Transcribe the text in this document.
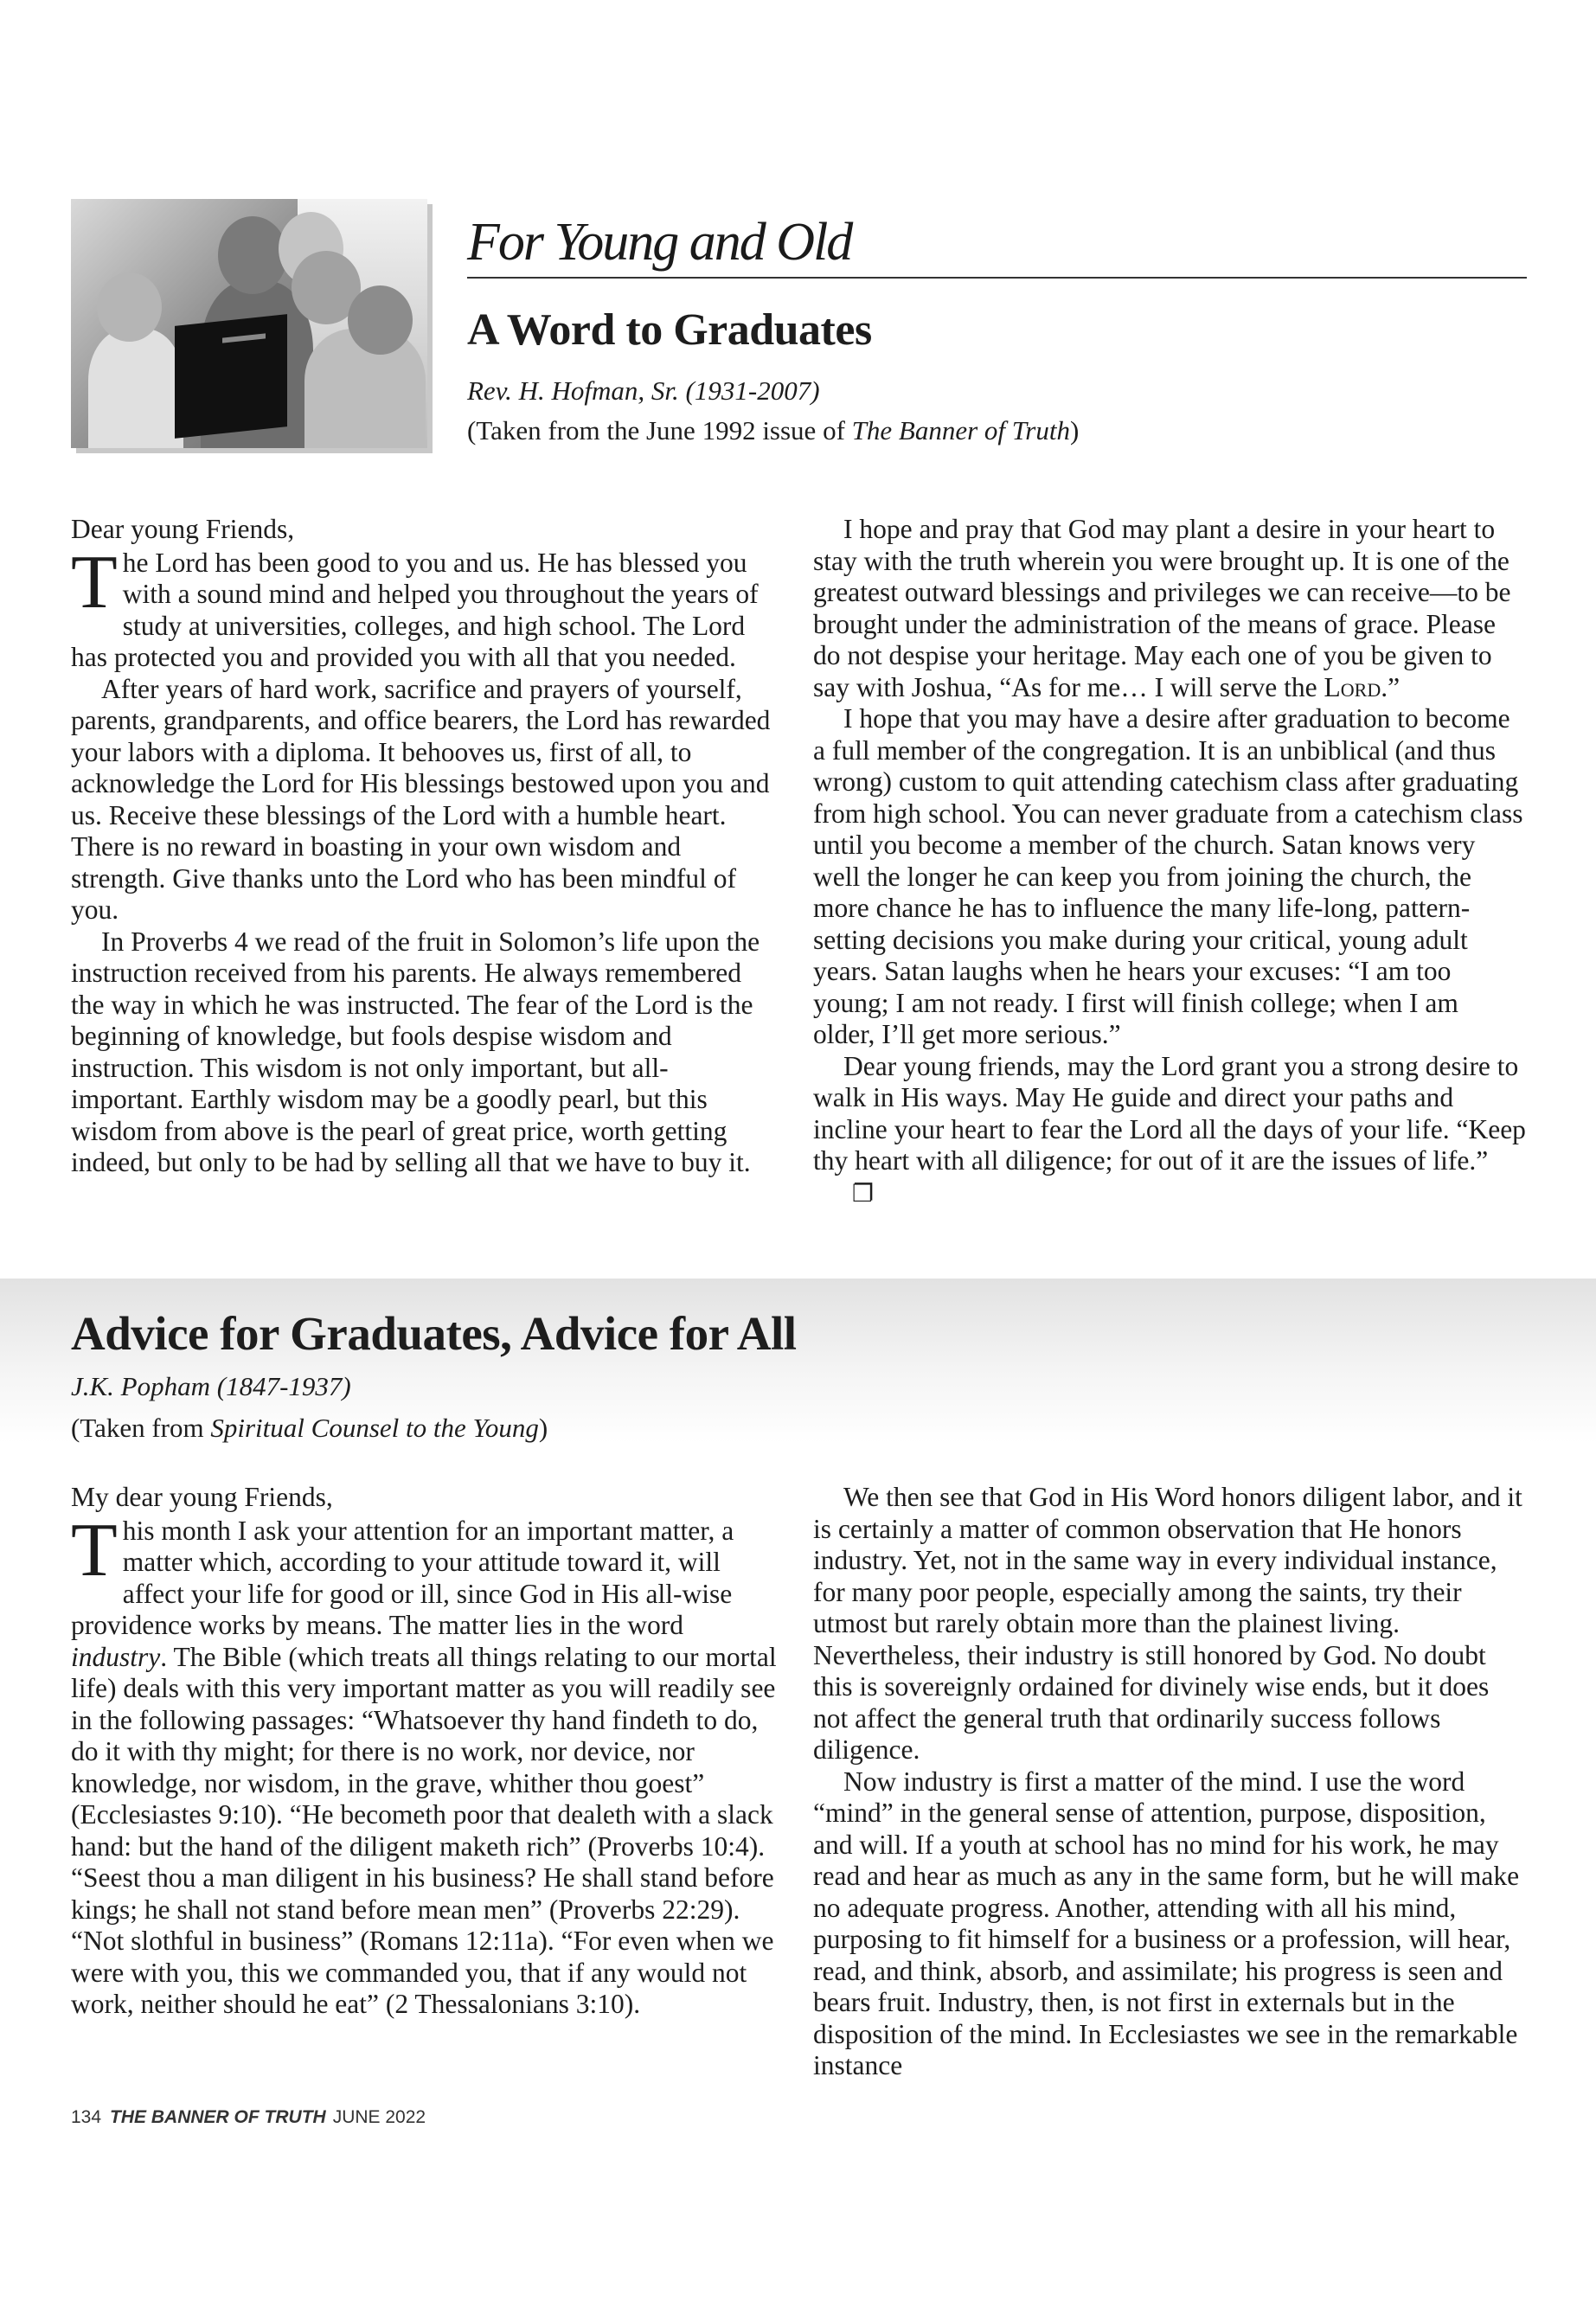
For Young and Old
A Word to Graduates
Rev. H. Hofman, Sr. (1931-2007)
(Taken from the June 1992 issue of The Banner of Truth)

Dear young Friends,

The Lord has been good to you and us. He has blessed you with a sound mind and helped you throughout the years of study at universities, colleges, and high school. The Lord has protected you and provided you with all that you needed.

After years of hard work, sacrifice and prayers of yourself, parents, grandparents, and office bearers, the Lord has rewarded your labors with a diploma. It behooves us, first of all, to acknowledge the Lord for His blessings bestowed upon you and us. Receive these blessings of the Lord with a humble heart. There is no reward in boasting in your own wisdom and strength. Give thanks unto the Lord who has been mindful of you.

In Proverbs 4 we read of the fruit in Solomon’s life upon the instruction received from his parents. He always remembered the way in which he was instructed. The fear of the Lord is the beginning of knowledge, but fools despise wisdom and instruction. This wisdom is not only important, but all-important. Earthly wisdom may be a goodly pearl, but this wisdom from above is the pearl of great price, worth getting indeed, but only to be had by selling all that we have to buy it.

I hope and pray that God may plant a desire in your heart to stay with the truth wherein you were brought up. It is one of the greatest outward blessings and privileges we can receive—to be brought under the administration of the means of grace. Please do not despise your heritage. May each one of you be given to say with Joshua, “As for me… I will serve the Lord.”

I hope that you may have a desire after graduation to become a full member of the congregation. It is an unbiblical (and thus wrong) custom to quit attending catechism class after graduating from high school. You can never graduate from a catechism class until you become a member of the church. Satan knows very well the longer he can keep you from joining the church, the more chance he has to influence the many life-long, pattern-setting decisions you make during your critical, young adult years. Satan laughs when he hears your excuses: “I am too young; I am not ready. I first will finish college; when I am older, I’ll get more serious.”

Dear young friends, may the Lord grant you a strong desire to walk in His ways. May He guide and direct your paths and incline your heart to fear the Lord all the days of your life. “Keep thy heart with all diligence; for out of it are the issues of life.”❐

Advice for Graduates, Advice for All
J.K. Popham (1847-1937)
(Taken from Spiritual Counsel to the Young)

My dear young Friends,

This month I ask your attention for an important matter, a matter which, according to your attitude toward it, will affect your life for good or ill, since God in His all-wise providence works by means. The matter lies in the word industry. The Bible (which treats all things relating to our mortal life) deals with this very important matter as you will readily see in the following passages: “Whatsoever thy hand findeth to do, do it with thy might; for there is no work, nor device, nor knowledge, nor wisdom, in the grave, whither thou goest” (Ecclesiastes 9:10). “He becometh poor that dealeth with a slack hand: but the hand of the diligent maketh rich” (Proverbs 10:4). “Seest thou a man diligent in his business? He shall stand before kings; he shall not stand before mean men” (Proverbs 22:29). “Not slothful in business” (Romans 12:11a). “For even when we were with you, this we commanded you, that if any would not work, neither should he eat” (2 Thessalonians 3:10).

We then see that God in His Word honors diligent labor, and it is certainly a matter of common observation that He honors industry. Yet, not in the same way in every individual instance, for many poor people, especially among the saints, try their utmost but rarely obtain more than the plainest living. Nevertheless, their industry is still honored by God. No doubt this is sovereignly ordained for divinely wise ends, but it does not affect the general truth that ordinarily success follows diligence.

Now industry is first a matter of the mind. I use the word “mind” in the general sense of attention, purpose, disposition, and will. If a youth at school has no mind for his work, he may read and hear as much as any in the same form, but he will make no adequate progress. Another, attending with all his mind, purposing to fit himself for a business or a profession, will hear, read, and think, absorb, and assimilate; his progress is seen and bears fruit. Industry, then, is not first in externals but in the disposition of the mind. In Ecclesiastes we see in the remarkable instance

134 THE BANNER OF TRUTH JUNE 2022
